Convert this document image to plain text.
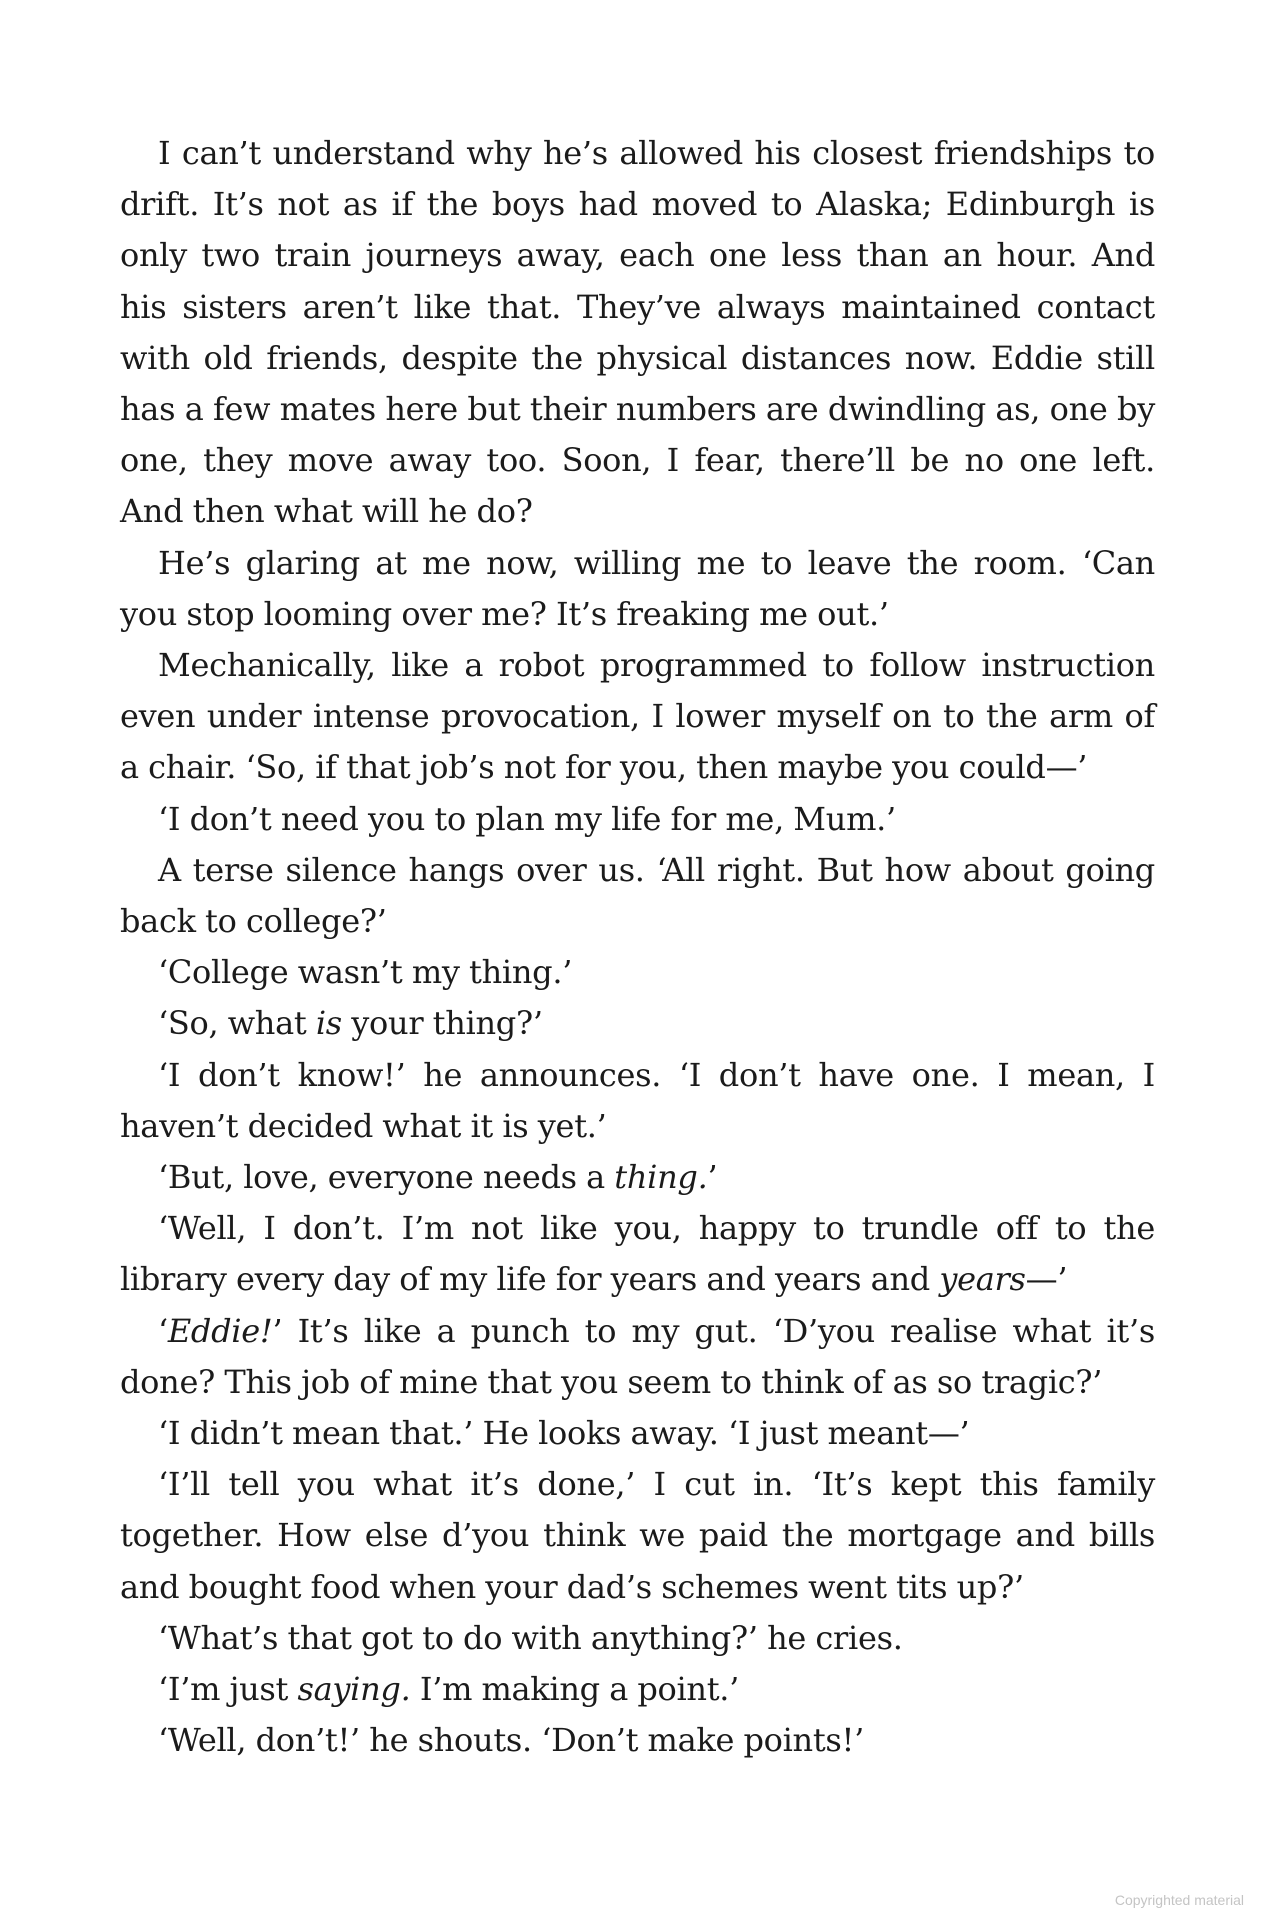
I can’t understand why he’s allowed his closest friendships to drift. It’s not as if the boys had moved to Alaska; Edinburgh is only two train journeys away, each one less than an hour. And his sisters aren’t like that. They’ve always maintained contact with old friends, despite the physical distances now. Eddie still has a few mates here but their numbers are dwindling as, one by one, they move away too. Soon, I fear, there’ll be no one left. And then what will he do?

He’s glaring at me now, willing me to leave the room. ‘Can you stop looming over me? It’s freaking me out.’

Mechanically, like a robot programmed to follow instruction even under intense provocation, I lower myself on to the arm of a chair. ‘So, if that job’s not for you, then maybe you could—’

‘I don’t need you to plan my life for me, Mum.’

A terse silence hangs over us. ‘All right. But how about going back to college?’

‘College wasn’t my thing.’

‘So, what is your thing?’

‘I don’t know!’ he announces. ‘I don’t have one. I mean, I haven’t decided what it is yet.’

‘But, love, everyone needs a thing.’

‘Well, I don’t. I’m not like you, happy to trundle off to the library every day of my life for years and years and years—’

‘Eddie!’ It’s like a punch to my gut. ‘D’you realise what it’s done? This job of mine that you seem to think of as so tragic?’

‘I didn’t mean that.’ He looks away. ‘I just meant—’

‘I’ll tell you what it’s done,’ I cut in. ‘It’s kept this family together. How else d’you think we paid the mortgage and bills and bought food when your dad’s schemes went tits up?’

‘What’s that got to do with anything?’ he cries.

‘I’m just saying. I’m making a point.’

‘Well, don’t!’ he shouts. ‘Don’t make points!’

Copyrighted material
